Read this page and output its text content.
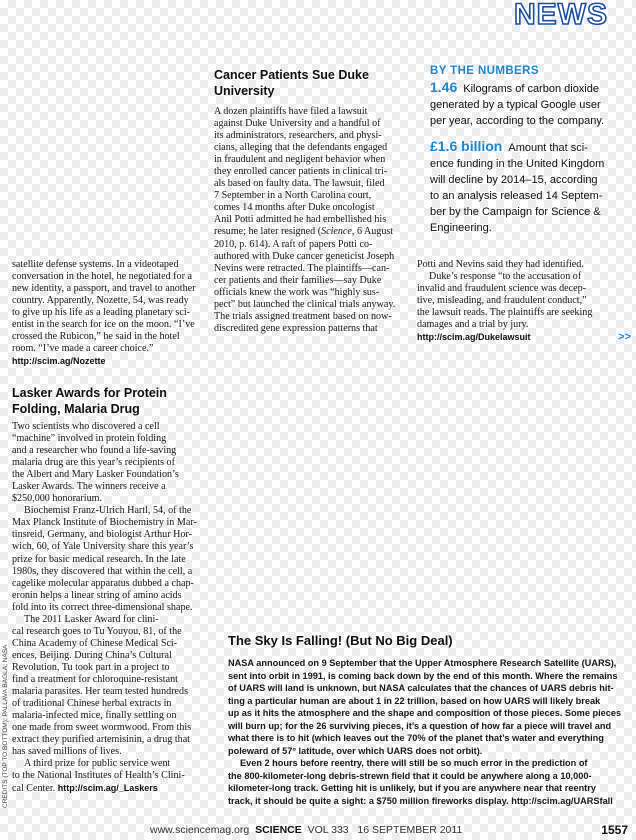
NEWS
satellite defense systems. In a videotaped
conversation in the hotel, he negotiated for a
new identity, a passport, and travel to another
country. Apparently, Nozette, 54, was ready
to give up his life as a leading planetary sci-
entist in the search for ice on the moon. “I’ve
crossed the Rubicon,” he said in the hotel
room. “I’ve made a career choice.”
http://scim.ag/Nozette
Lasker Awards for Protein
Folding, Malaria Drug
Two scientists who discovered a cell
“machine” involved in protein folding
and a researcher who found a life-saving
malaria drug are this year’s recipients of
the Albert and Mary Lasker Foundation’s
Lasker Awards. The winners receive a
$250,000 honorarium.
Biochemist Franz-Ulrich Hartl, 54, of the
Max Planck Institute of Biochemistry in Mar-
tinsreid, Germany, and biologist Arthur Hor-
wich, 60, of Yale University share this year’s
prize for basic medical research. In the late
1980s, they discovered that within the cell, a
cagelike molecular apparatus dubbed a chap-
eronin helps a linear string of amino acids
fold into its correct three-dimensional shape.
The 2011 Lasker Award for clini-
cal research goes to Tu Youyou, 81, of the
China Academy of Chinese Medical Sci-
ences, Beijing. During China’s Cultural
Revolution, Tu took part in a project to
find a treatment for chloroquine-resistant
malaria parasites. Her team tested hundreds
of traditional Chinese herbal extracts in
malaria-infected mice, finally settling on
one made from sweet wormwood. From this
extract they purified artemisinin, a drug that
has saved millions of lives.
A third prize for public service went
to the National Institutes of Health’s Clini-
cal Center. http://scim.ag/_Laskers
CREDITS (TOP TO BOTTOM): PALLAVA BAGLA; NASA
Cancer Patients Sue Duke
University
A dozen plaintiffs have filed a lawsuit
against Duke University and a handful of
its administrators, researchers, and physi-
cians, alleging that the defendants engaged
in fraudulent and negligent behavior when
they enrolled cancer patients in clinical tri-
als based on faulty data. The lawsuit, filed
7 September in a North Carolina court,
comes 14 months after Duke oncologist
Anil Potti admitted he had embellished his
resume; he later resigned (Science, 6 August
2010, p. 614). A raft of papers Potti co-
authored with Duke cancer geneticist Joseph
Nevins were retracted. The plaintiffs—can-
cer patients and their families—say Duke
officials knew the work was “highly sus-
pect” but launched the clinical trials anyway.
The trials assigned treatment based on now-
discredited gene expression patterns that
Potti and Nevins said they had identified.
Duke’s response “to the accusation of
invalid and fraudulent science was decep-
tive, misleading, and fraudulent conduct,”
the lawsuit reads. The plaintiffs are seeking
damages and a trial by jury.
http://scim.ag/Dukelawsuit	>>
BY THE NUMBERS
1.46 Kilograms of carbon dioxide
generated by a typical Google user
per year, according to the company.
£1.6 billion Amount that sci-
ence funding in the United Kingdom
will decline by 2014–15, according
to an analysis released 14 Septem-
ber by the Campaign for Science &
Engineering.
The Sky Is Falling! (But No Big Deal)
NASA announced on 9 September that the Upper Atmosphere Research Satellite (UARS),
sent into orbit in 1991, is coming back down by the end of this month. Where the remains
of UARS will land is unknown, but NASA calculates that the chances of UARS debris hit-
ting a particular human are about 1 in 22 trillion, based on how UARS will likely break
up as it hits the atmosphere and the shape and composition of those pieces. Some pieces
will burn up; for the 26 surviving pieces, it’s a question of how far a piece will travel and
what there is to hit (which leaves out the 70% of the planet that’s water and everything
poleward of 57° latitude, over which UARS does not orbit).
Even 2 hours before reentry, there will still be so much error in the prediction of
the 800-kilometer-long debris-strewn field that it could be anywhere along a 10,000-
kilometer-long track. Getting hit is unlikely, but if you are anywhere near that reentry
track, it should be quite a sight: a $750 million fireworks display. http://scim.ag/UARSfall
www.sciencemag.org SCIENCE VOL 333 16 SEPTEMBER 2011	1557
